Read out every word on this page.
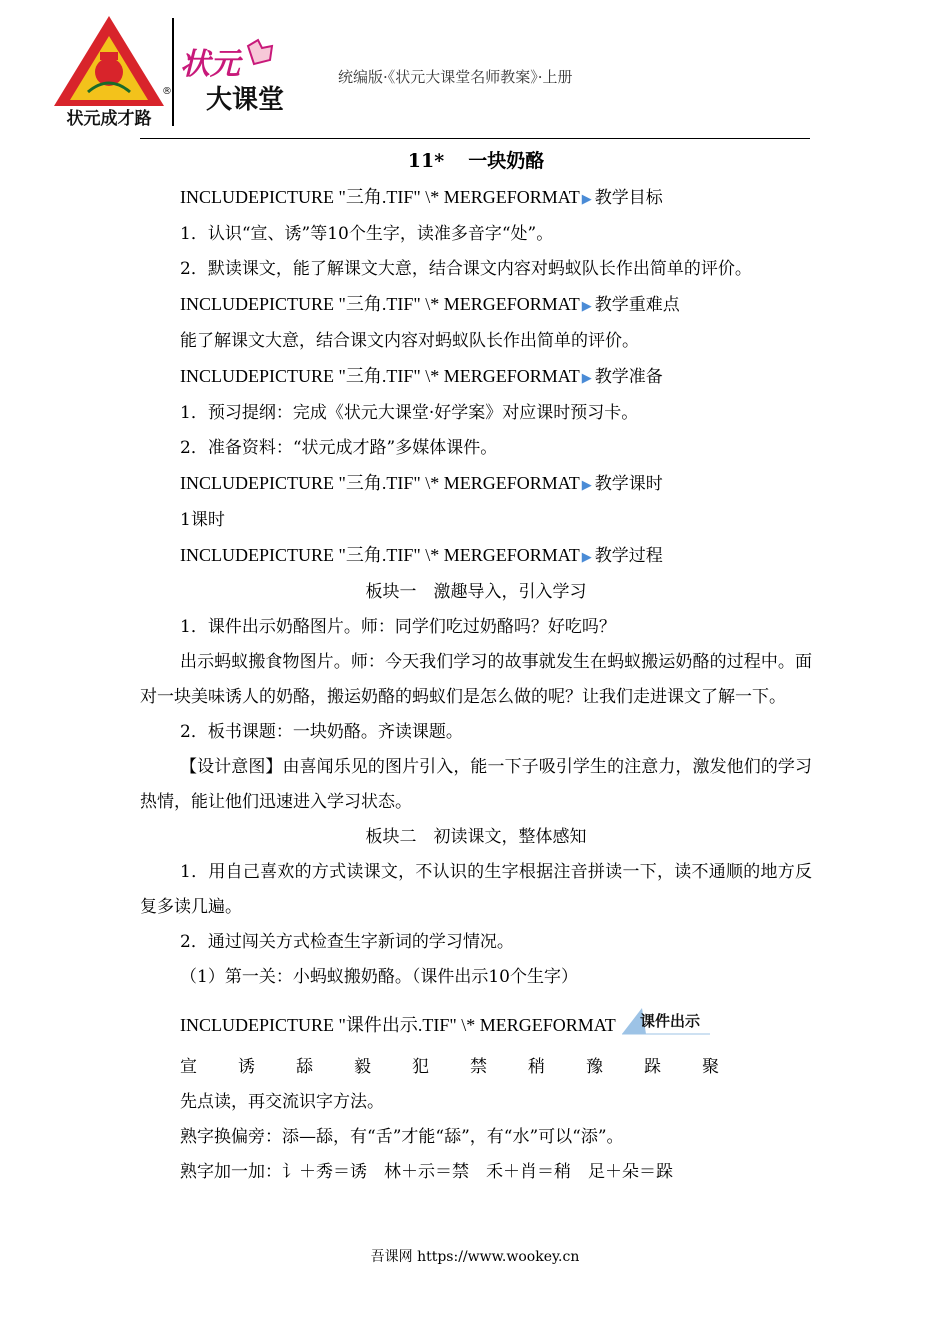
状元成才路
®
状元
大课堂
统编版·《状元大课堂名师教案》·上册
11* 一块奶酪
INCLUDEPICTURE "三角.TIF" \* MERGEFORMAT ▶ 教学目标
1．认识“宣、诱”等10个生字，读准多音字“处”。
2．默读课文，能了解课文大意，结合课文内容对蚂蚁队长作出简单的评价。
INCLUDEPICTURE "三角.TIF" \* MERGEFORMAT ▶ 教学重难点
能了解课文大意，结合课文内容对蚂蚁队长作出简单的评价。
INCLUDEPICTURE "三角.TIF" \* MERGEFORMAT ▶ 教学准备
1．预习提纲：完成《状元大课堂·好学案》对应课时预习卡。
2．准备资料：“状元成才路”多媒体课件。
INCLUDEPICTURE "三角.TIF" \* MERGEFORMAT ▶ 教学课时
1课时
INCLUDEPICTURE "三角.TIF" \* MERGEFORMAT ▶ 教学过程
板块一　激趣导入，引入学习
1．课件出示奶酪图片。师：同学们吃过奶酪吗？好吃吗？
出示蚂蚁搬食物图片。师：今天我们学习的故事就发生在蚂蚁搬运奶酪的过程中。面对一块美味诱人的奶酪，搬运奶酪的蚂蚁们是怎么做的呢？让我们走进课文了解一下。
2．板书课题：一块奶酪。齐读课题。
【设计意图】由喜闻乐见的图片引入，能一下子吸引学生的注意力，激发他们的学习热情，能让他们迅速进入学习状态。
板块二　初读课文，整体感知
1．用自己喜欢的方式读课文，不认识的生字根据注音拼读一下，读不通顺的地方反复多读几遍。
2．通过闯关方式检查生字新词的学习情况。
（1）第一关：小蚂蚁搬奶酪。（课件出示10个生字）
INCLUDEPICTURE "课件出示.TIF" \* MERGEFORMAT 课件出示
宣	诱	舔	毅	犯	禁	稍	豫	跺	聚
先点读，再交流识字方法。
熟字换偏旁：添—舔，有“舌”才能“舔”，有“水”可以“添”。
熟字加一加：讠＋秀＝诱　林＋示＝禁　禾＋肖＝稍　足＋朵＝跺
吾课网 https://www.wookey.cn
